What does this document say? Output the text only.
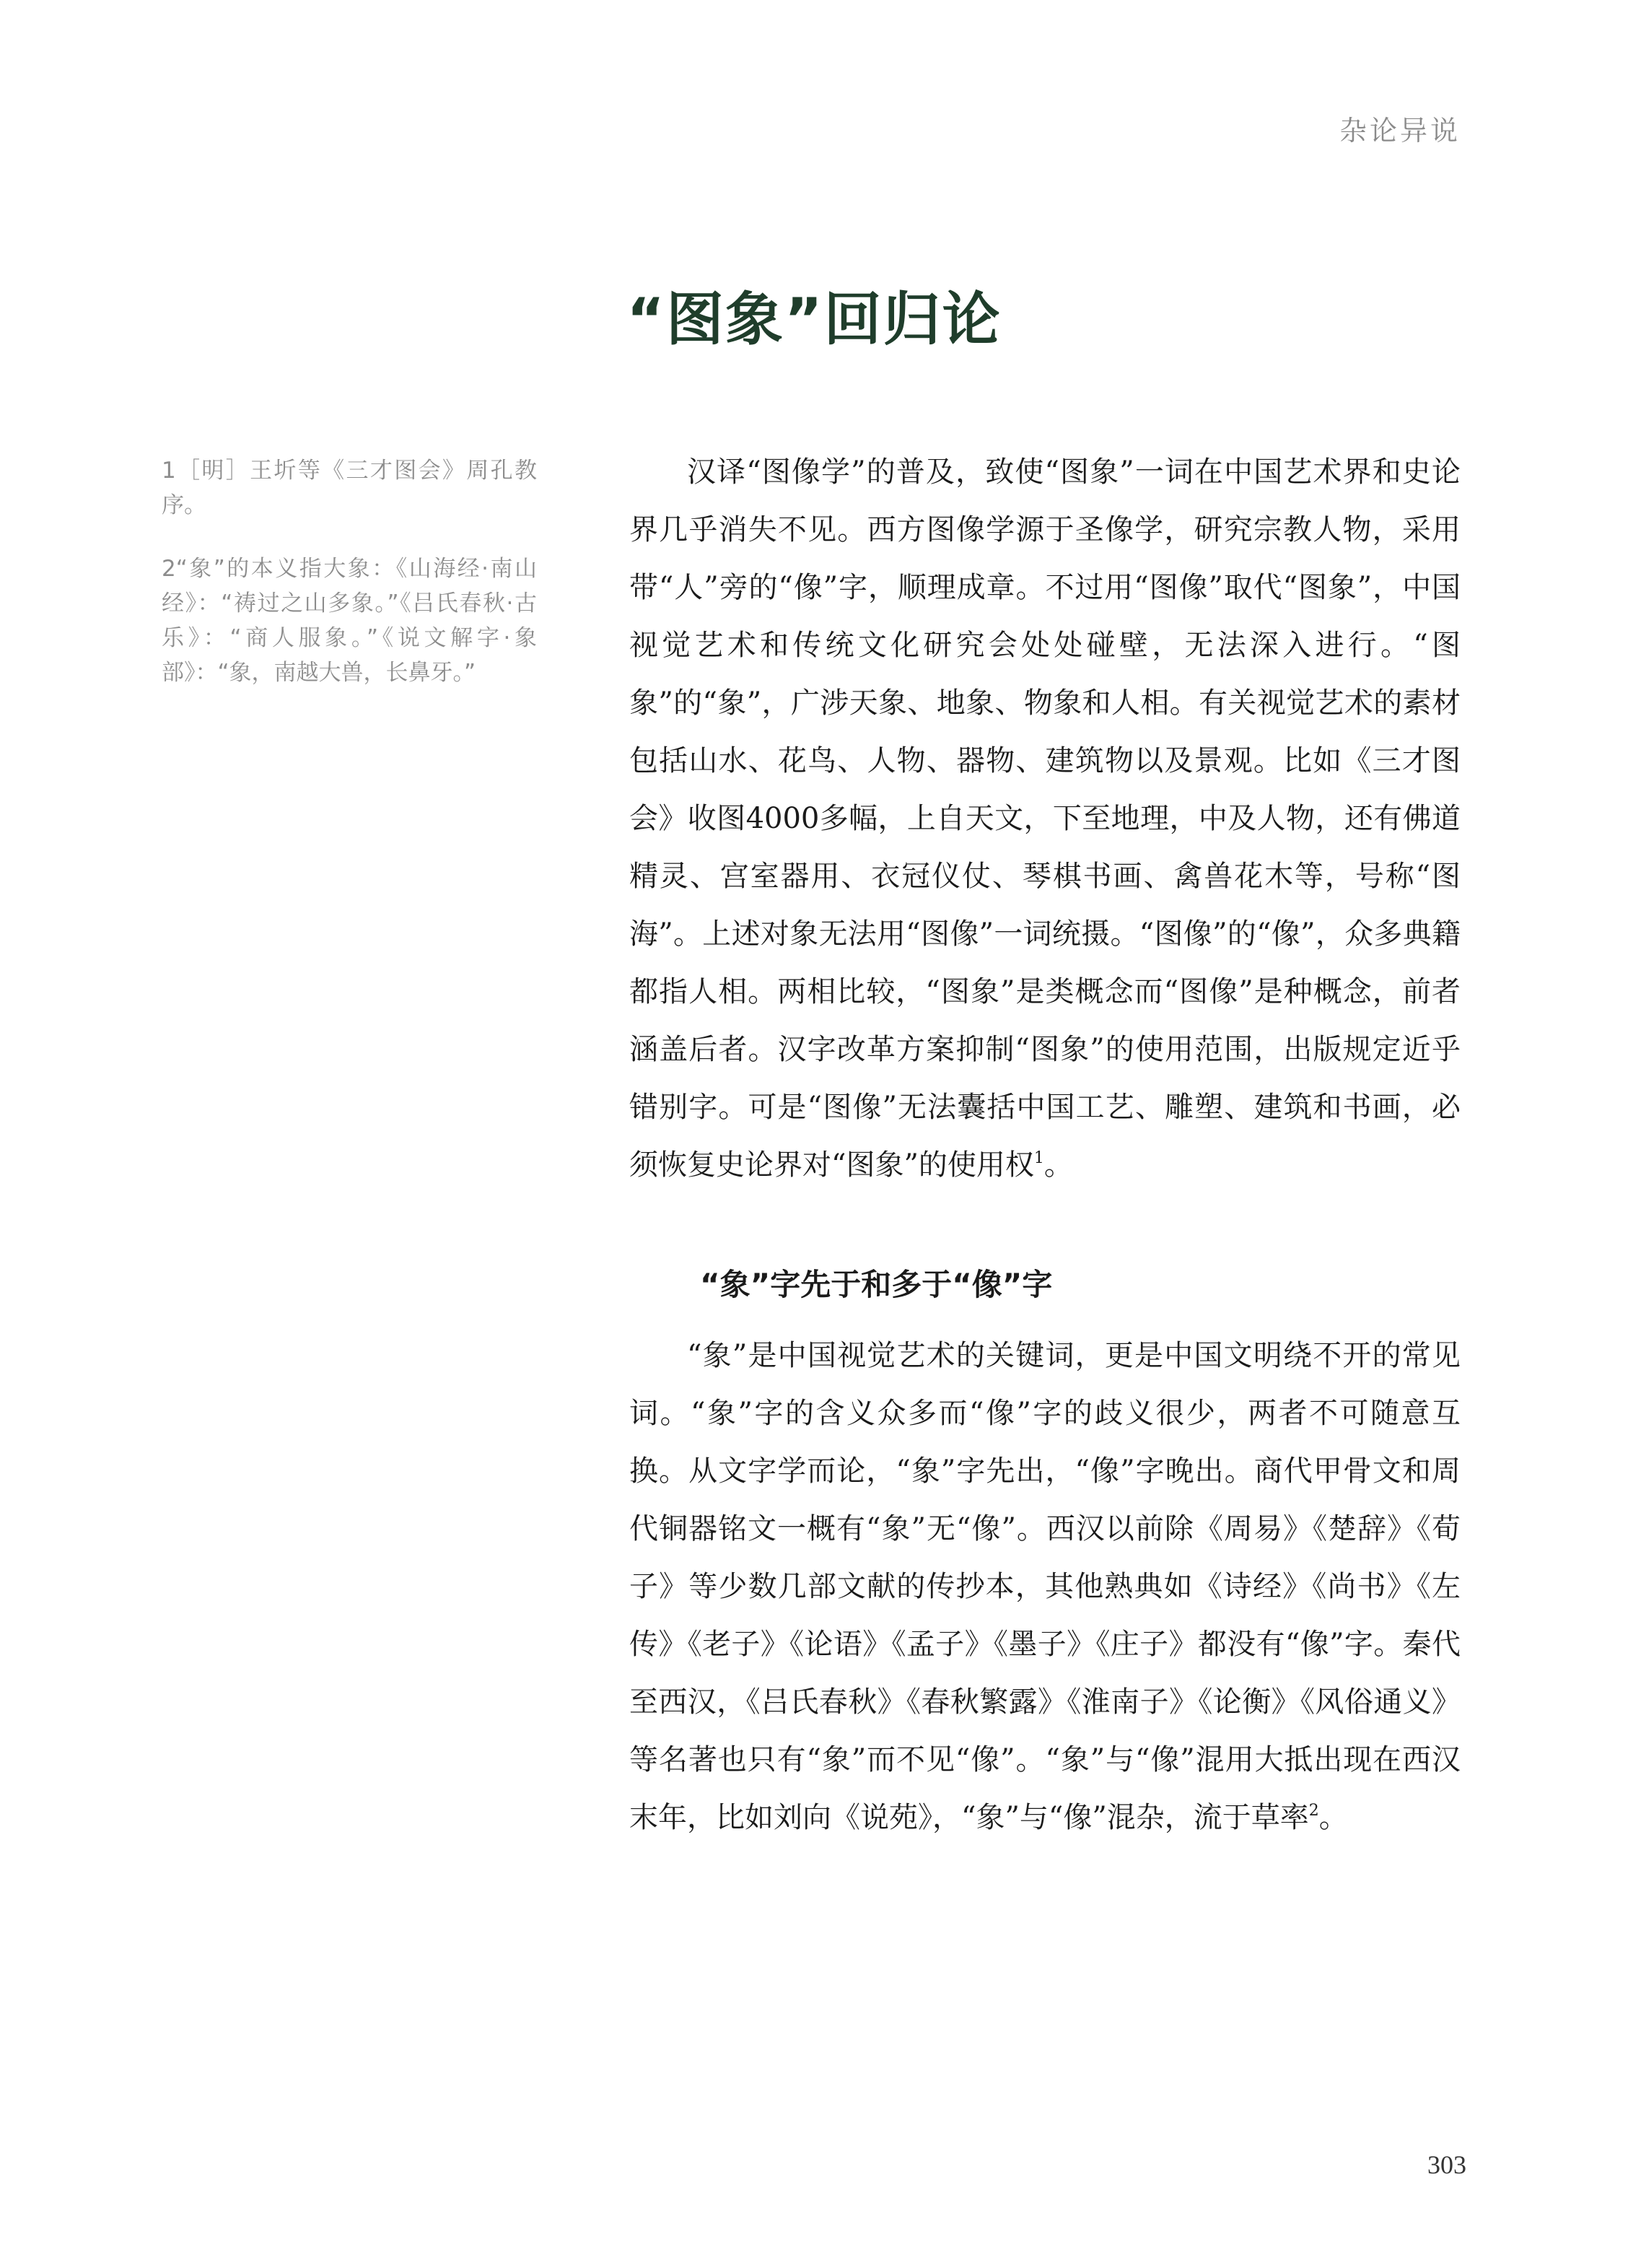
杂论异说
“图象”回归论

1［明］王圻等《三才图会》周孔教序。

2“象”的本义指大象：《山海经·南山经》：“祷过之山多象。”《吕氏春秋·古乐》：“商人服象。”《说文解字·象部》：“象，南越大兽，长鼻牙。”

汉译“图像学”的普及，致使“图象”一词在中国艺术界和史论界几乎消失不见。西方图像学源于圣像学，研究宗教人物，采用带“人”旁的“像”字，顺理成章。不过用“图像”取代“图象”，中国视觉艺术和传统文化研究会处处碰壁，无法深入进行。“图象”的“象”，广涉天象、地象、物象和人相。有关视觉艺术的素材包括山水、花鸟、人物、器物、建筑物以及景观。比如《三才图会》收图4000多幅，上自天文，下至地理，中及人物，还有佛道精灵、宫室器用、衣冠仪仗、琴棋书画、禽兽花木等，号称“图海”。上述对象无法用“图像”一词统摄。“图像”的“像”，众多典籍都指人相。两相比较，“图象”是类概念而“图像”是种概念，前者涵盖后者。汉字改革方案抑制“图象”的使用范围，出版规定近乎错别字。可是“图像”无法囊括中国工艺、雕塑、建筑和书画，必须恢复史论界对“图象”的使用权$^1$。

“象”字先于和多于“像”字

“象”是中国视觉艺术的关键词，更是中国文明绕不开的常见词。“象”字的含义众多而“像”字的歧义很少，两者不可随意互换。从文字学而论，“象”字先出，“像”字晚出。商代甲骨文和周代铜器铭文一概有“象”无“像”。西汉以前除《周易》《楚辞》《荀子》等少数几部文献的传抄本，其他熟典如《诗经》《尚书》《左传》《老子》《论语》《孟子》《墨子》《庄子》都没有“像”字。秦代至西汉，《吕氏春秋》《春秋繁露》《淮南子》《论衡》《风俗通义》等名著也只有“象”而不见“像”。“象”与“像”混用大抵出现在西汉末年，比如刘向《说苑》，“象”与“像”混杂，流于草率$^2$。

303
